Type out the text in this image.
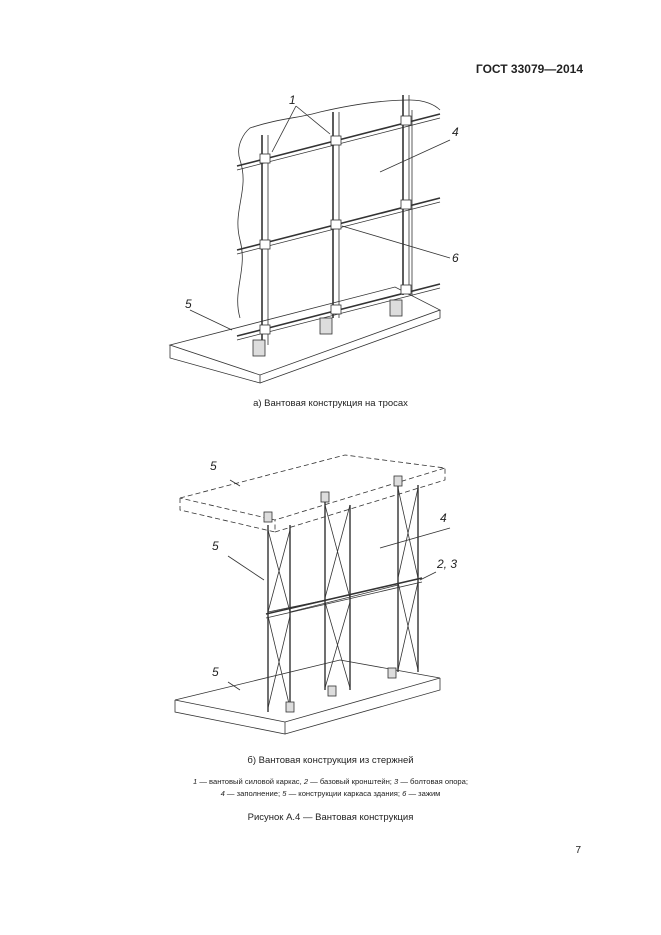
ГОСТ 33079—2014
1
4
6
5
а) Вантовая конструкция на тросах
5
5
4
2, 3
5
б) Вантовая конструкция из стержней
1 — вантовый силовой каркас, 2 — базовый кронштейн; 3 — болтовая опора;
4 — заполнение; 5 — конструкции каркаса здания; 6 — зажим
Рисунок А.4 — Вантовая конструкция
7
